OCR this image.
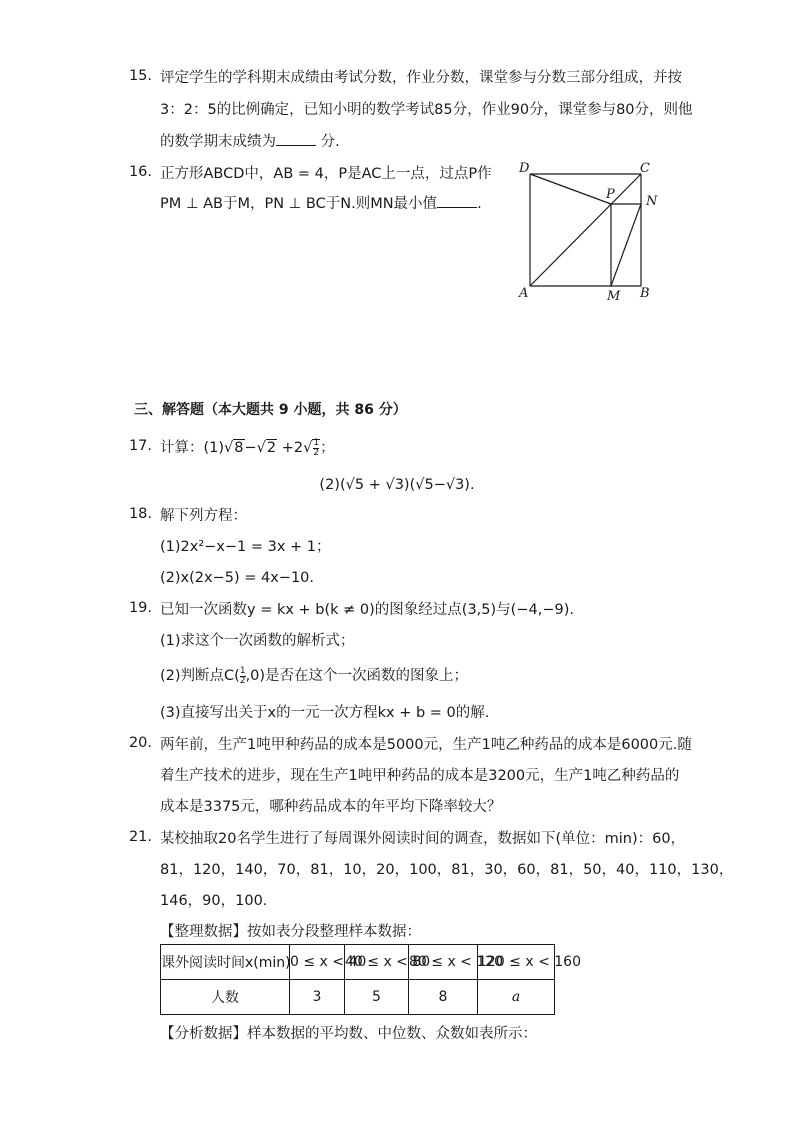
15. 评定学生的学科期末成绩由考试分数，作业分数，课堂参与分数三部分组成，并按
3：2：5的比例确定，已知小明的数学考试85分，作业90分，课堂参与80分，则他
的数学期末成绩为	分.
16. 正方形ABCD中，AB = 4，P是AC上一点，过点P作
PM ⊥ AB于M，PN ⊥ BC于N.则MN最小值	.
D	C
P N
A	M B
三、解答题（本大题共 9 小题，共 86 分）
17. 计算：$(1)√8-√2 +2√ \frac{1}{2}$ ；
(2)(√5 + √3)(√5−√3).
18. 解下列方程：
(1)2x²−x−1 = 3x + 1；
(2)x(2x−5) = 4x−10.
19. 已知一次函数y = kx + b(k ≠ 0)的图象经过点(3,5)与(−4,−9).
(1)求这个一次函数的解析式；
(2)判断点$C( \frac{1}{2} ,0)$是否在这个一次函数的图象上；
(3)直接写出关于x的一元一次方程kx + b = 0的解.
20. 两年前，生产1吨甲种药品的成本是5000元，生产1吨乙种药品的成本是6000元.随
着生产技术的进步，现在生产1吨甲种药品的成本是3200元，生产1吨乙种药品的
成本是3375元，哪种药品成本的年平均下降率较大？
21. 某校抽取20名学生进行了每周课外阅读时间的调查，数据如下(单位：min)：60，
81，120，140，70，81，10，20，100，81，30，60，81，50，40，110，130，
146，90，100.
【整理数据】按如表分段整理样本数据：
课外阅读时间x(min)	0 ≤ x < 40	40 ≤ x < 80	80 ≤ x < 120	120 ≤ x < 160
人数	3	5	8	a
【分析数据】样本数据的平均数、中位数、众数如表所示：
